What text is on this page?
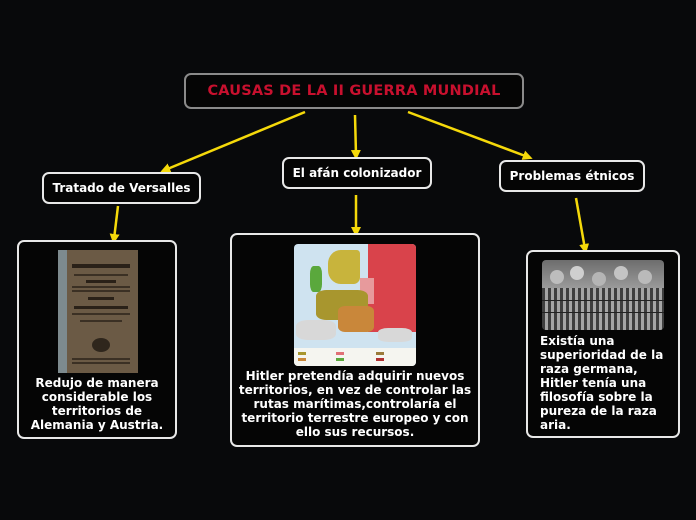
CAUSAS DE LA II GUERRA MUNDIAL
Tratado de Versalles
El afán colonizador	Problemas étnicos
Redujo de manera considerable los territorios de Alemania y Austria.
Hitler pretendía adquirir nuevos territorios, en vez de controlar las rutas marítimas,controlaría el territorio terrestre europeo y con ello sus recursos.
Existía una superioridad de la raza germana, Hitler tenía una filosofía sobre la pureza de la raza aria.
